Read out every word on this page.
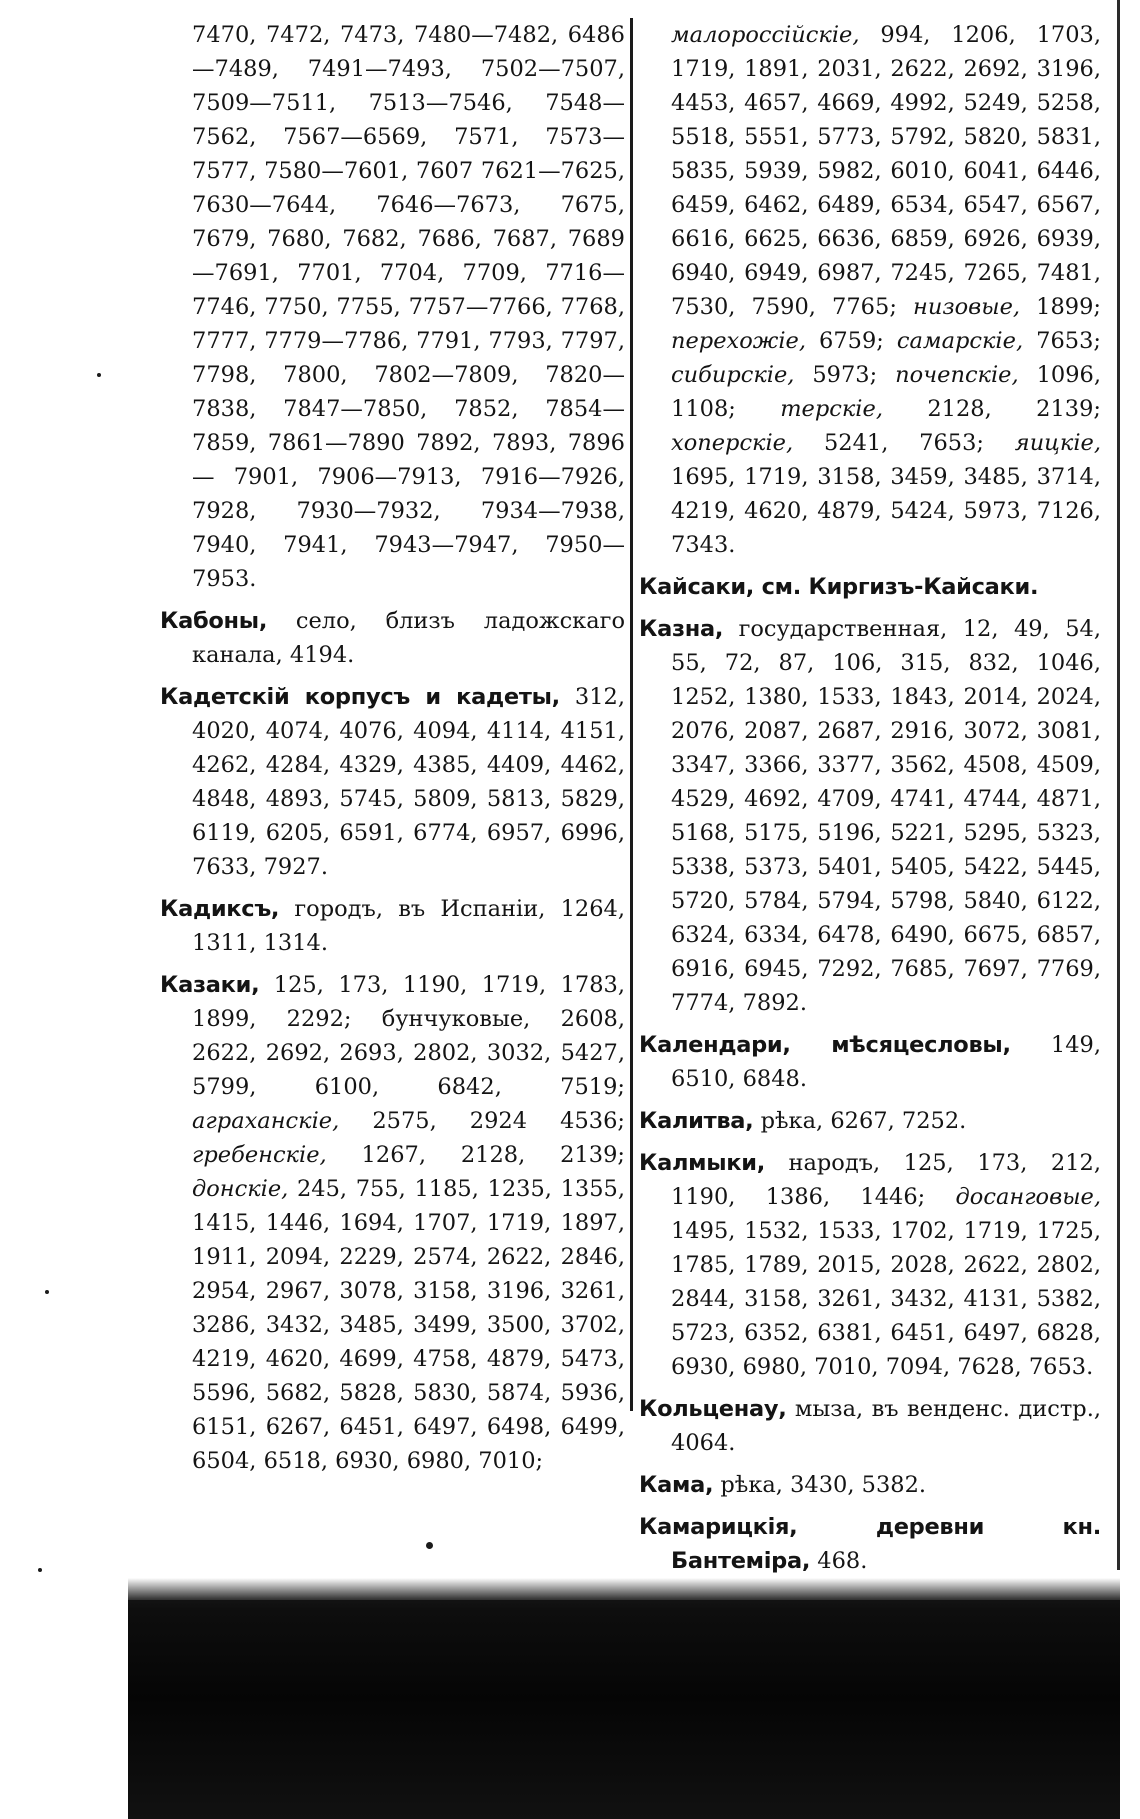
7470, 7472, 7473, 7480—7482, 6486—7489, 7491—7493, 7502—7507, 7509—7511, 7513—7546, 7548—7562, 7567—6569, 7571, 7573—7577, 7580—7601, 7607 7621—7625, 7630—7644, 7646—7673, 7675, 7679, 7680, 7682, 7686, 7687, 7689—7691, 7701, 7704, 7709, 7716—7746, 7750, 7755, 7757—7766, 7768, 7777, 7779—7786, 7791, 7793, 7797, 7798, 7800, 7802—7809, 7820—7838, 7847—7850, 7852, 7854—7859, 7861—7890 7892, 7893, 7896 — 7901, 7906—7913, 7916—7926, 7928, 7930—7932, 7934—7938, 7940, 7941, 7943—7947, 7950—7953.

Кабоны, село, близъ ладожскаго канала, 4194.

Кадетскій корпусъ и кадеты, 312, 4020, 4074, 4076, 4094, 4114, 4151, 4262, 4284, 4329, 4385, 4409, 4462, 4848, 4893, 5745, 5809, 5813, 5829, 6119, 6205, 6591, 6774, 6957, 6996, 7633, 7927.

Кадиксъ, городъ, въ Испаніи, 1264, 1311, 1314.

Казаки, 125, 173, 1190, 1719, 1783, 1899, 2292; бунчуковые, 2608, 2622, 2692, 2693, 2802, 3032, 5427, 5799, 6100, 6842, 7519; аграханскіе, 2575, 2924 4536; гребенскіе, 1267, 2128, 2139; донскіе, 245, 755, 1185, 1235, 1355, 1415, 1446, 1694, 1707, 1719, 1897, 1911, 2094, 2229, 2574, 2622, 2846, 2954, 2967, 3078, 3158, 3196, 3261, 3286, 3432, 3485, 3499, 3500, 3702, 4219, 4620, 4699, 4758, 4879, 5473, 5596, 5682, 5828, 5830, 5874, 5936, 6151, 6267, 6451, 6497, 6498, 6499, 6504, 6518, 6930, 6980, 7010;

малороссійскіе, 994, 1206, 1703, 1719, 1891, 2031, 2622, 2692, 3196, 4453, 4657, 4669, 4992, 5249, 5258, 5518, 5551, 5773, 5792, 5820, 5831, 5835, 5939, 5982, 6010, 6041, 6446, 6459, 6462, 6489, 6534, 6547, 6567, 6616, 6625, 6636, 6859, 6926, 6939, 6940, 6949, 6987, 7245, 7265, 7481, 7530, 7590, 7765; низовые, 1899; перехожіе, 6759; самарскіе, 7653; сибирскіе, 5973; почепскіе, 1096, 1108; терскіе, 2128, 2139; хоперскіе, 5241, 7653; яицкіе, 1695, 1719, 3158, 3459, 3485, 3714, 4219, 4620, 4879, 5424, 5973, 7126, 7343.

Кайсаки, см. Киргизъ-Кайсаки.

Казна, государственная, 12, 49, 54, 55, 72, 87, 106, 315, 832, 1046, 1252, 1380, 1533, 1843, 2014, 2024, 2076, 2087, 2687, 2916, 3072, 3081, 3347, 3366, 3377, 3562, 4508, 4509, 4529, 4692, 4709, 4741, 4744, 4871, 5168, 5175, 5196, 5221, 5295, 5323, 5338, 5373, 5401, 5405, 5422, 5445, 5720, 5784, 5794, 5798, 5840, 6122, 6324, 6334, 6478, 6490, 6675, 6857, 6916, 6945, 7292, 7685, 7697, 7769, 7774, 7892.

Календари, мѣсяцесловы, 149, 6510, 6848.

Калитва, рѣка, 6267, 7252.

Калмыки, народъ, 125, 173, 212, 1190, 1386, 1446; досанговые, 1495, 1532, 1533, 1702, 1719, 1725, 1785, 1789, 2015, 2028, 2622, 2802, 2844, 3158, 3261, 3432, 4131, 5382, 5723, 6352, 6381, 6451, 6497, 6828, 6930, 6980, 7010, 7094, 7628, 7653.

Кольценау, мыза, въ венденс. дистр., 4064.

Кама, рѣка, 3430, 5382.

Камарицкія, деревни кн. Бантеміра, 468.
